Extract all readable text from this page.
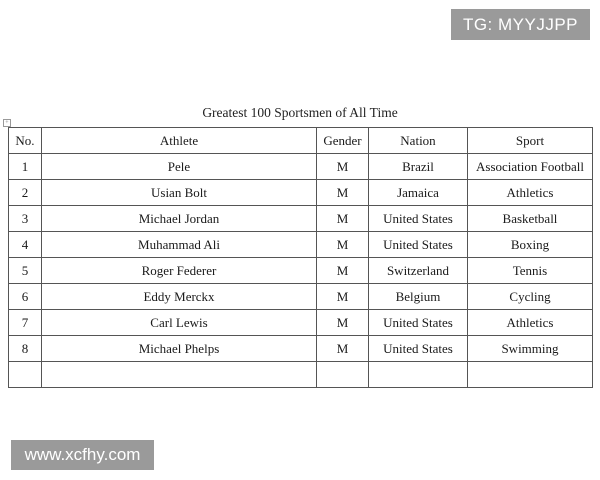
TG: MYYJJPP
+
Greatest 100 Sportsmen of All Time
No.	Athlete	Gender	Nation	Sport
1	Pele	M	Brazil	Association Football
2	Usian Bolt	M	Jamaica	Athletics
3	Michael Jordan	M	United States	Basketball
4	Muhammad Ali	M	United States	Boxing
5	Roger Federer	M	Switzerland	Tennis
6	Eddy Merckx	M	Belgium	Cycling
7	Carl Lewis	M	United States	Athletics
8	Michael Phelps	M	United States	Swimming

www.xcfhy.com
